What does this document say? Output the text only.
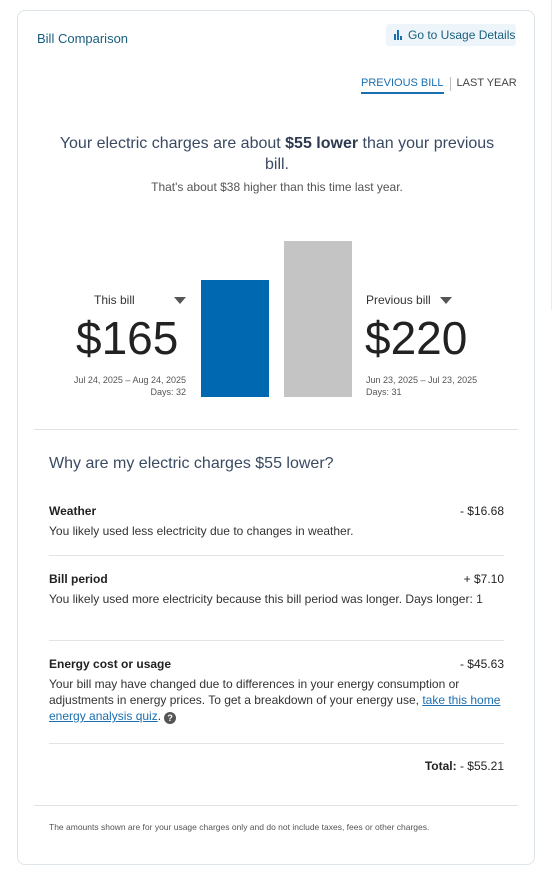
Bill Comparison	Go to Usage Details
PREVIOUS BILL LAST YEAR
Your electric charges are about $55 lower than your previous bill.
That's about $38 higher than this time last year.
This bill
$165
Jul 24, 2025 – Aug 24, 2025
Days: 32
Previous bill
$220
Jun 23, 2025 – Jul 23, 2025
Days: 31
Why are my electric charges $55 lower?
Weather	- $16.68
You likely used less electricity due to changes in weather.
Bill period	+ $7.10
You likely used more electricity because this bill period was longer. Days longer: 1
Energy cost or usage	- $45.63
Your bill may have changed due to differences in your energy consumption or adjustments in energy prices. To get a breakdown of your energy use, take this home energy analysis quiz. ?
Total: - $55.21
The amounts shown are for your usage charges only and do not include taxes, fees or other charges.
